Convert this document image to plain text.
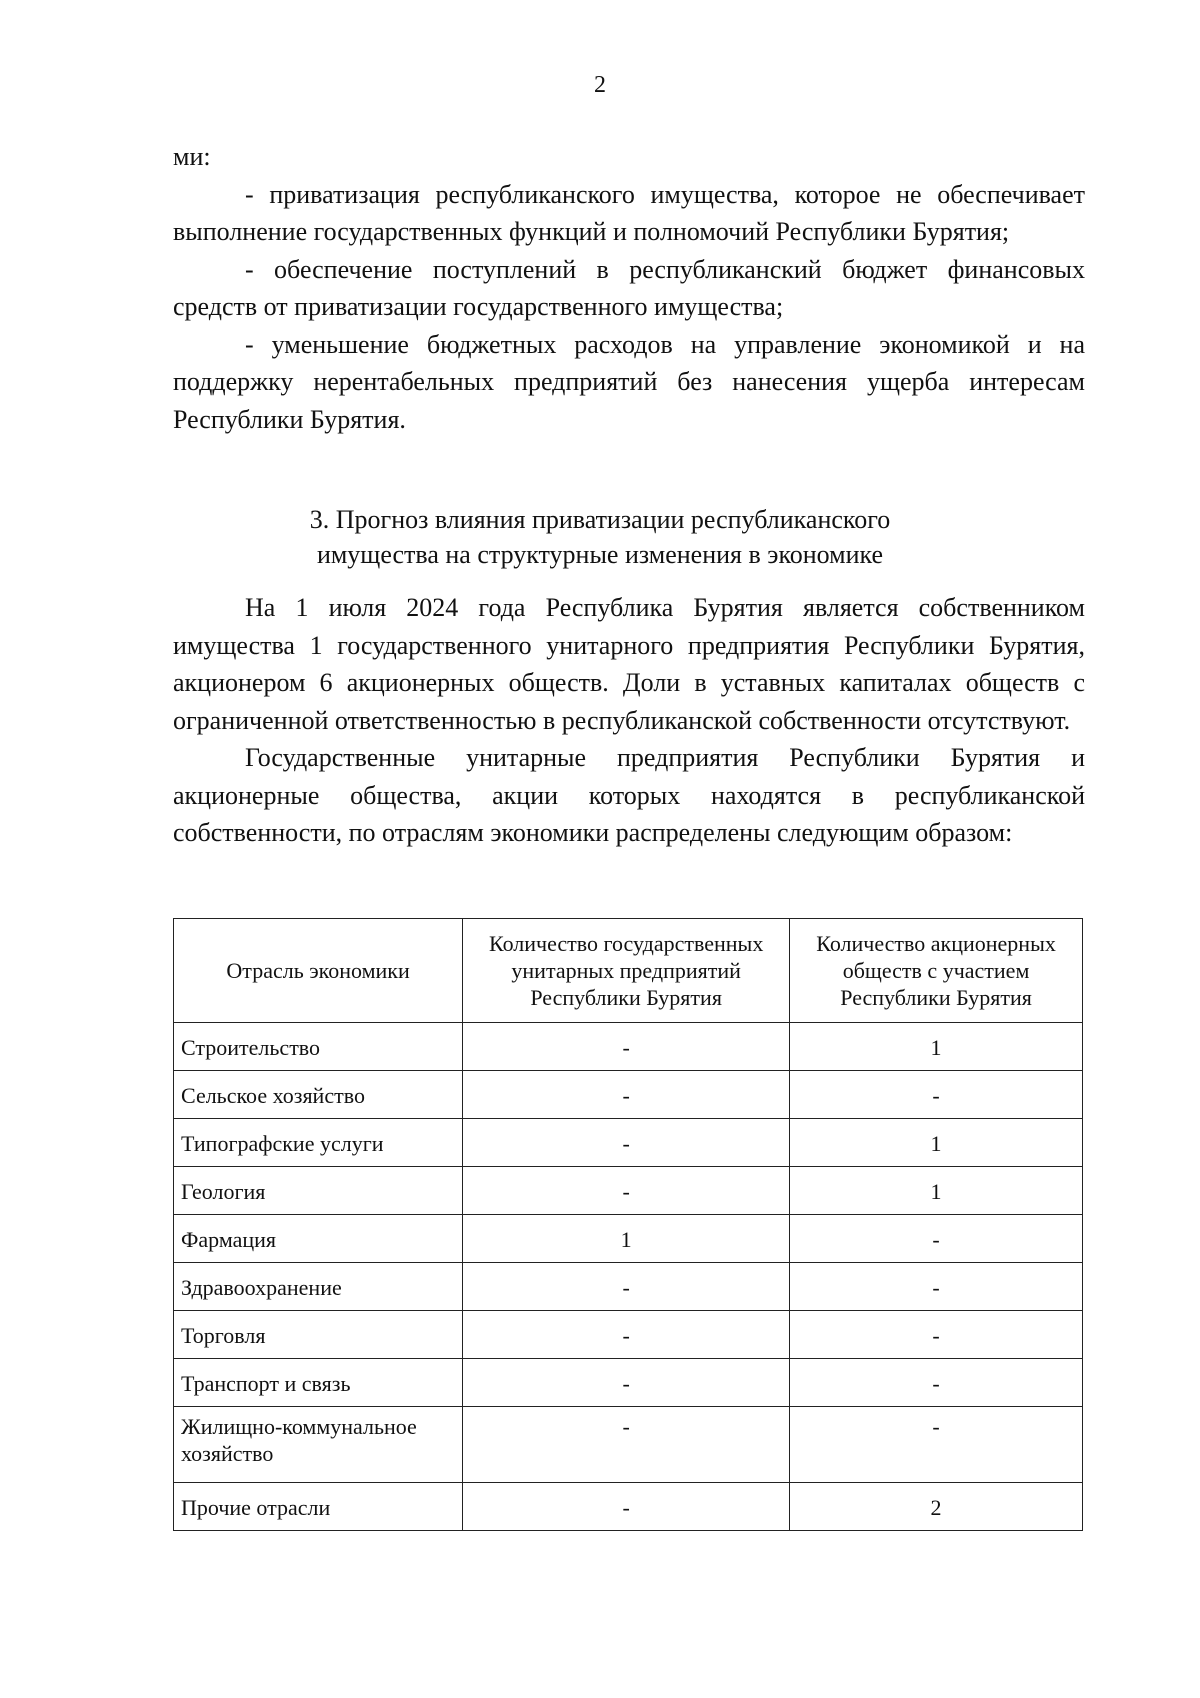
2

ми:

- приватизация республиканского имущества, которое не обеспечивает выполнение государственных функций и полномочий Республики Бурятия;

- обеспечение поступлений в республиканский бюджет финансовых средств от приватизации государственного имущества;

- уменьшение бюджетных расходов на управление экономикой и на поддержку нерентабельных предприятий без нанесения ущерба интересам Республики Бурятия.

3. Прогноз влияния приватизации республиканского
имущества на структурные изменения в экономике

На 1 июля 2024 года Республика Бурятия является собственником имущества 1 государственного унитарного предприятия Республики Бурятия, акционером 6 акционерных обществ. Доли в уставных капиталах обществ с ограниченной ответственностью в республиканской собственности отсутствуют.

Государственные унитарные предприятия Республики Бурятия и акционерные общества, акции которых находятся в республиканской собственности, по отраслям экономики распределены следующим образом:

Отрасль экономики	Количество государственных унитарных предприятий Республики Бурятия	Количество акционерных обществ с участием Республики Бурятия
Строительство	-	1
Сельское хозяйство	-	-
Типографские услуги	-	1
Геология	-	1
Фармация	1	-
Здравоохранение	-	-
Торговля	-	-
Транспорт и связь	-	-
Жилищно-коммунальное хозяйство	-	-
Прочие отрасли	-	2
